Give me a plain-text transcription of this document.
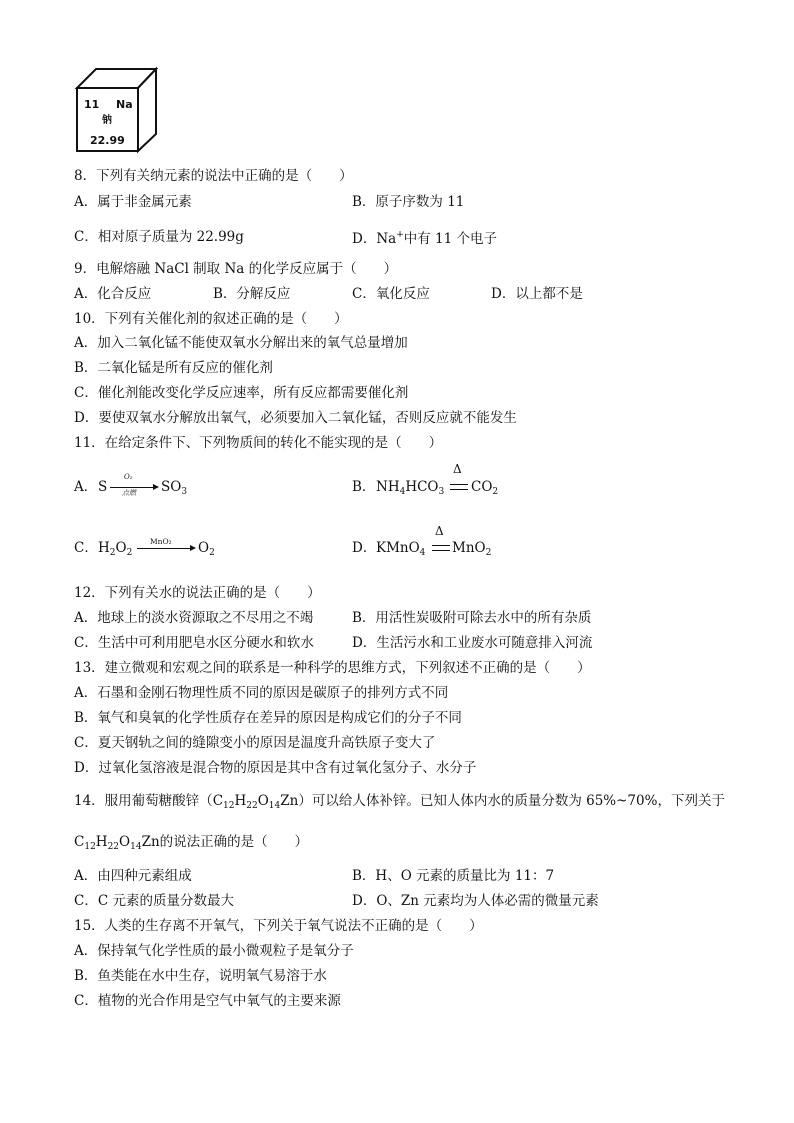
11 Na
钠
22.99
8．下列有关纳元素的说法中正确的是（　　）
A．属于非金属元素	B．原子序数为 11
C．相对原子质量为 22.99g	D．Na+中有 11 个电子
9．电解熔融 NaCl 制取 Na 的化学反应属于（　　）
A．化合反应	B．分解反应	C．氧化反应	D．以上都不是
10．下列有关催化剂的叙述正确的是（　　）
A．加入二氧化锰不能使双氧水分解出来的氧气总量增加
B．二氧化锰是所有反应的催化剂
C．催化剂能改变化学反应速率，所有反应都需要催化剂
D．要使双氧水分解放出氧气，必须要加入二氧化锰，否则反应就不能发生
11．在给定条件下、下列物质间的转化不能实现的是（　　）
A． S
O₂
点燃 $SO_3$	B． $NH_4HCO_3$
Δ
$CO_2$
C． $H_2O_2$
MnO₂ $O_2$	D． KMnO$_4$
Δ
MnO$_2$
12．下列有关水的说法正确的是（　　）
A．地球上的淡水资源取之不尽用之不竭	B．用活性炭吸附可除去水中的所有杂质
C．生活中可利用肥皂水区分硬水和软水	D．生活污水和工业废水可随意排入河流
13．建立微观和宏观之间的联系是一种科学的思维方式，下列叙述不正确的是（　　）
A．石墨和金刚石物理性质不同的原因是碳原子的排列方式不同
B．氧气和臭氧的化学性质存在差异的原因是构成它们的分子不同
C．夏天钢轨之间的缝隙变小的原因是温度升高铁原子变大了
D．过氧化氢溶液是混合物的原因是其中含有过氧化氢分子、水分子
14．服用葡萄糖酸锌$(C_{12}H_{22}O_{14}Zn)$可以给人体补锌。已知人体内水的质量分数为 65%~70%，下列关于
$C_{12}H_{22}O_{14}Zn$的说法正确的是（　　）
A．由四种元素组成	B．H、O 元素的质量比为 11：7
C．C 元素的质量分数最大	D．O、Zn 元素均为人体必需的微量元素
15．人类的生存离不开氧气，下列关于氧气说法不正确的是（　　）
A．保持氧气化学性质的最小微观粒子是氧分子
B．鱼类能在水中生存，说明氧气易溶于水
C．植物的光合作用是空气中氧气的主要来源
